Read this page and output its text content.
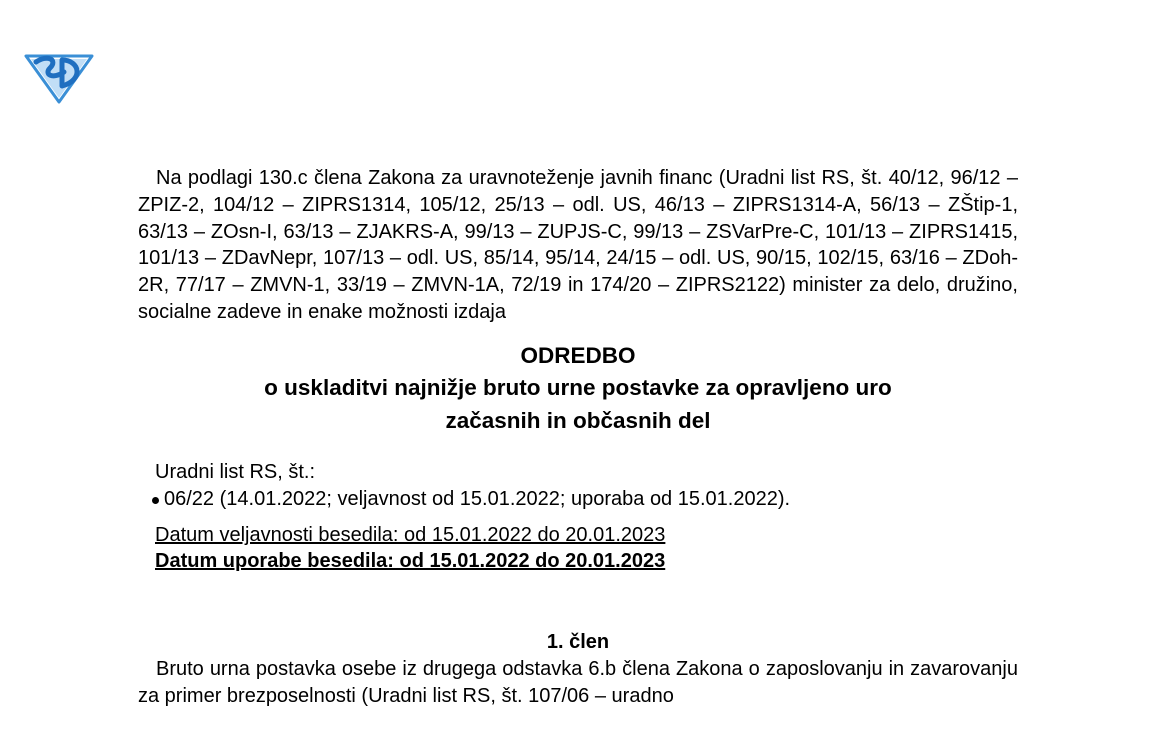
Na podlagi 130.c člena Zakona za uravnoteženje javnih financ (Uradni list RS, št. 40/12, 96/12 – ZPIZ-2, 104/12 – ZIPRS1314, 105/12, 25/13 – odl. US, 46/13 – ZIPRS1314-A, 56/13 – ZŠtip-1, 63/13 – ZOsn-I, 63/13 – ZJAKRS-A, 99/13 – ZUPJS-C, 99/13 – ZSVarPre-C, 101/13 – ZIPRS1415, 101/13 – ZDavNepr, 107/13 – odl. US, 85/14, 95/14, 24/15 – odl. US, 90/15, 102/15, 63/16 – ZDoh-2R, 77/17 – ZMVN-1, 33/19 – ZMVN-1A, 72/19 in 174/20 – ZIPRS2122) minister za delo, družino, socialne zadeve in enake možnosti izdaja

ODREDBO
o uskladitvi najnižje bruto urne postavke za opravljeno uro
začasnih in občasnih del
Uradni list RS, št.:
06/22 (14.01.2022; veljavnost od 15.01.2022; uporaba od 15.01.2022).
Datum veljavnosti besedila: od 15.01.2022 do 20.01.2023
Datum uporabe besedila: od 15.01.2022 do 20.01.2023
1. člen

Bruto urna postavka osebe iz drugega odstavka 6.b člena Zakona o zaposlovanju in zavarovanju za primer brezposelnosti (Uradni list RS, št. 107/06 – uradno
